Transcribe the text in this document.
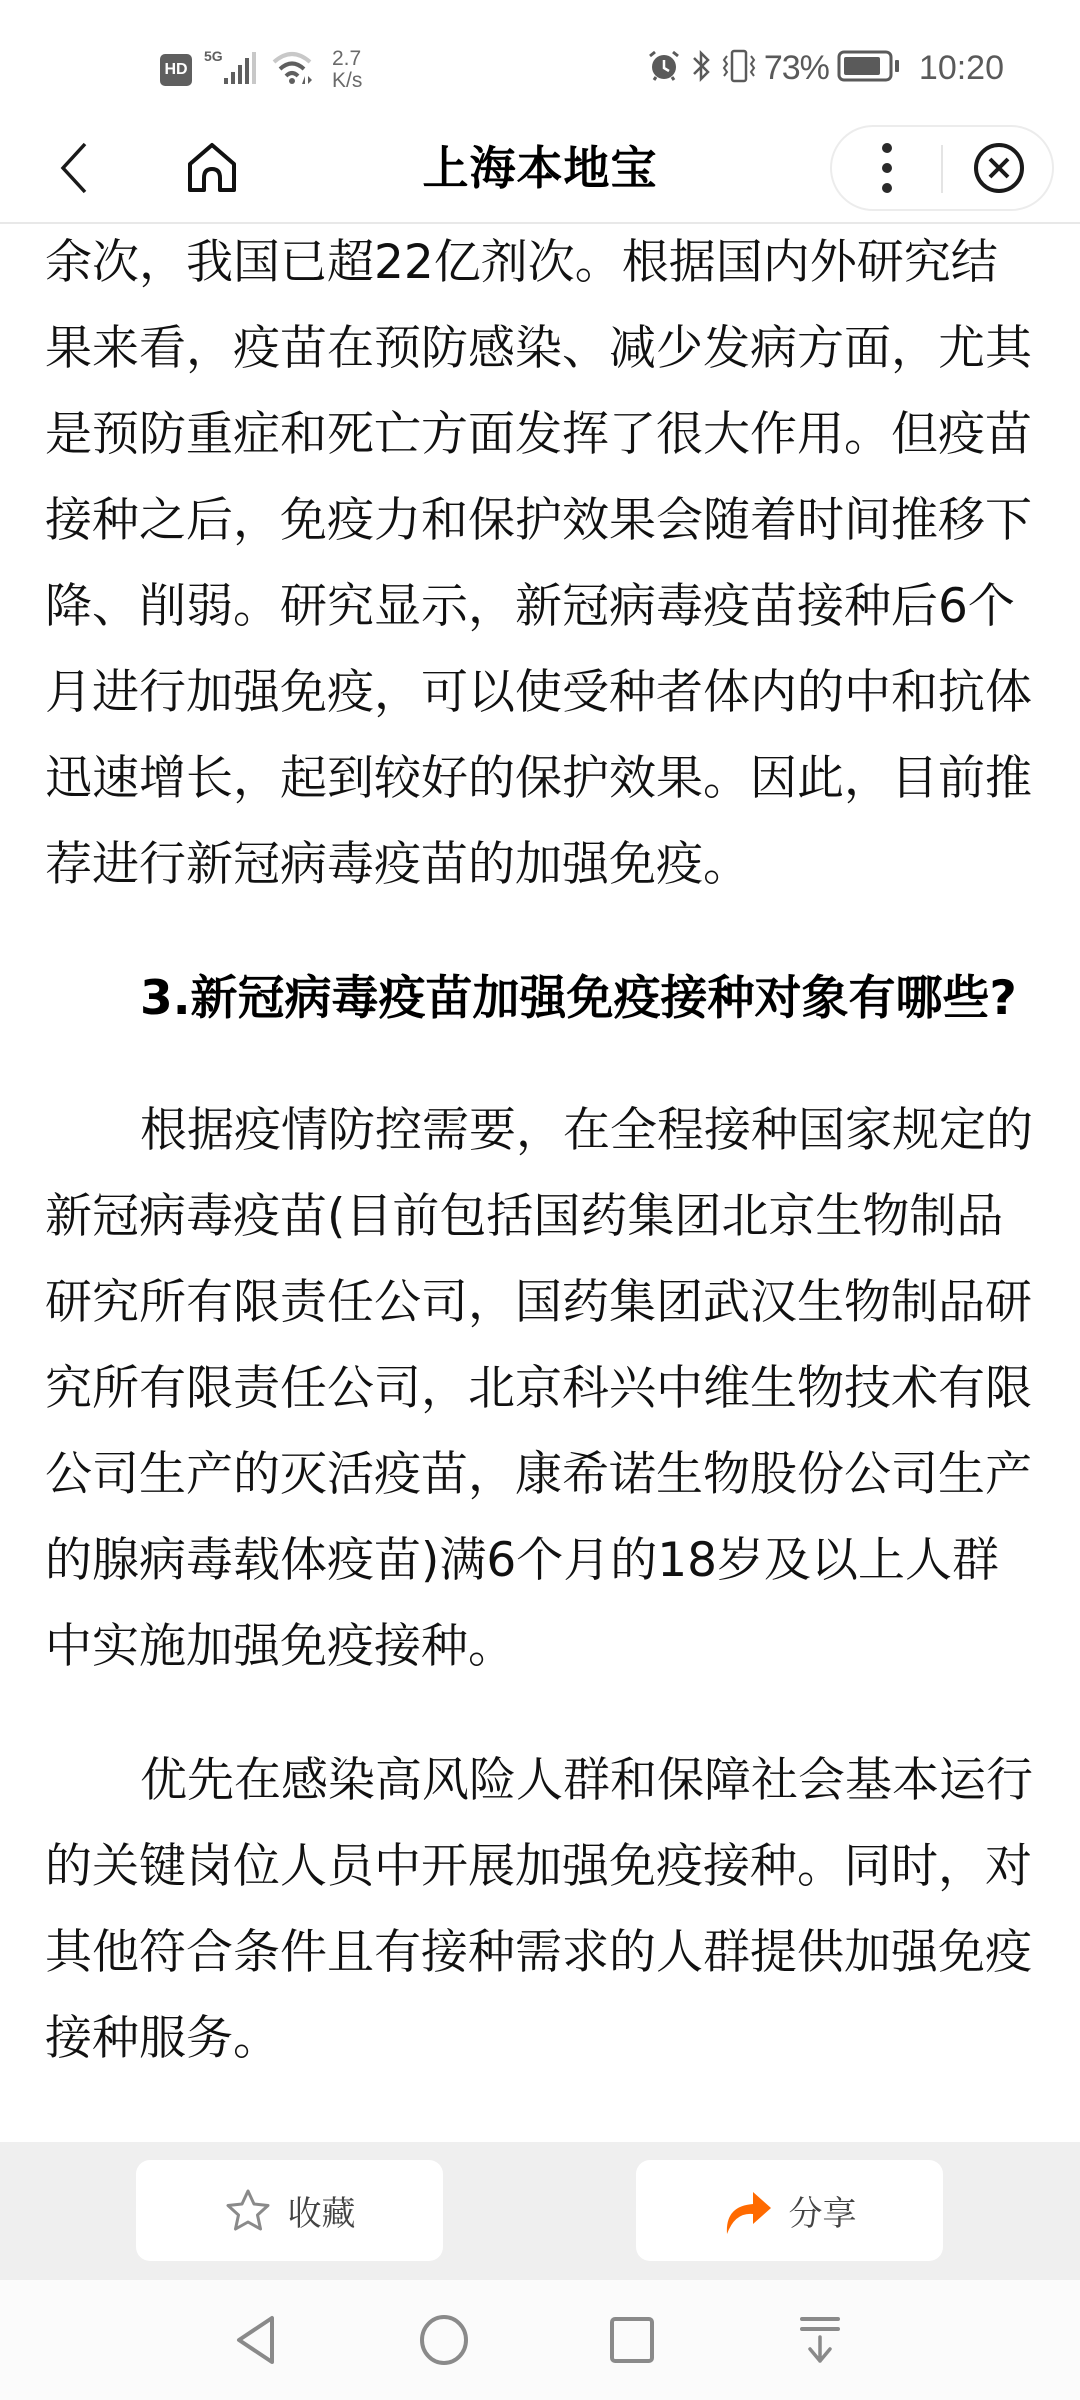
HD
5G	2.7
K/s	73%	10:20
上海本地宝

余次，我国已超22亿剂次。根据国内外研究结果来看，疫苗在预防感染、减少发病方面，尤其是预防重症和死亡方面发挥了很大作用。但疫苗接种之后，免疫力和保护效果会随着时间推移下降、削弱。研究显示，新冠病毒疫苗接种后6个月进行加强免疫，可以使受种者体内的中和抗体迅速增长，起到较好的保护效果。因此，目前推荐进行新冠病毒疫苗的加强免疫。

3.新冠病毒疫苗加强免疫接种对象有哪些?

根据疫情防控需要，在全程接种国家规定的新冠病毒疫苗(目前包括国药集团北京生物制品研究所有限责任公司，国药集团武汉生物制品研究所有限责任公司，北京科兴中维生物技术有限公司生产的灭活疫苗，康希诺生物股份公司生产的腺病毒载体疫苗)满6个月的18岁及以上人群中实施加强免疫接种。

优先在感染高风险人群和保障社会基本运行的关键岗位人员中开展加强免疫接种。同时，对其他符合条件且有接种需求的人群提供加强免疫接种服务。

收藏	分享
